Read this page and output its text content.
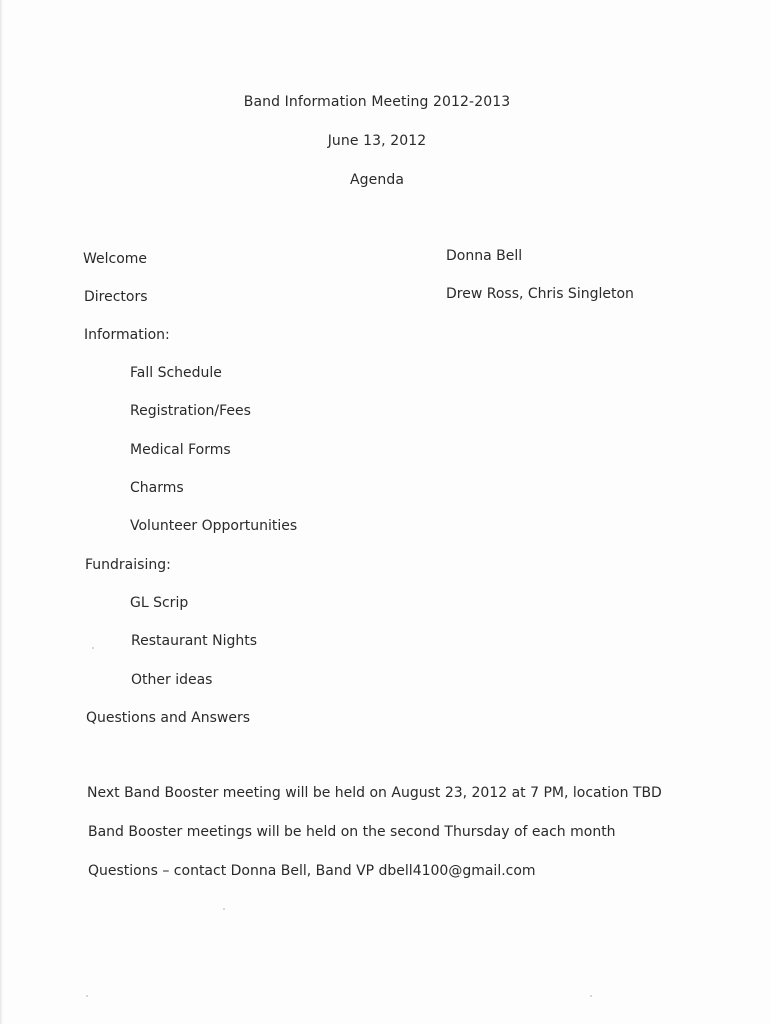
Band Information Meeting 2012-2013
June 13, 2012
Agenda
Welcome	Donna Bell
Directors	Drew Ross, Chris Singleton
Information:
Fall Schedule
Registration/Fees
Medical Forms
Charms
Volunteer Opportunities
Fundraising:
GL Scrip
Restaurant Nights
Other ideas
Questions and Answers
Next Band Booster meeting will be held on August 23, 2012 at 7 PM, location TBD
Band Booster meetings will be held on the second Thursday of each month
Questions – contact Donna Bell, Band VP dbell4100@gmail.com
